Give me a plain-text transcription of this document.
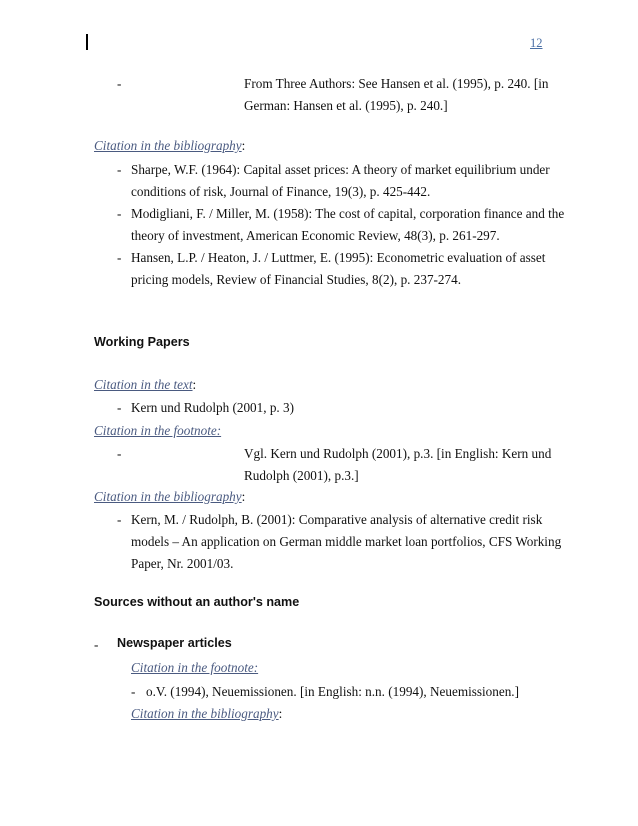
12
-	From Three Authors: See Hansen et al. (1995), p. 240. [in
German: Hansen et al. (1995), p. 240.]
Citation in the bibliography:
- Sharpe, W.F. (1964): Capital asset prices: A theory of market equilibrium under
conditions of risk, Journal of Finance, 19(3), p. 425-442.
- Modigliani, F. / Miller, M. (1958): The cost of capital, corporation finance and the
theory of investment, American Economic Review, 48(3), p. 261-297.
- Hansen, L.P. / Heaton, J. / Luttmer, E. (1995): Econometric evaluation of asset
pricing models, Review of Financial Studies, 8(2), p. 237-274.
Working Papers
Citation in the text:
- Kern und Rudolph (2001, p. 3)
Citation in the footnote:
-	Vgl. Kern und Rudolph (2001), p.3. [in English: Kern und
Rudolph (2001), p.3.]
Citation in the bibliography:
- Kern, M. / Rudolph, B. (2001): Comparative analysis of alternative credit risk
models – An application on German middle market loan portfolios, CFS Working
Paper, Nr. 2001/03.
Sources without an author's name
- Newspaper articles
Citation in the footnote:
- o.V. (1994), Neuemissionen. [in English: n.n. (1994), Neuemissionen.]
Citation in the bibliography:
